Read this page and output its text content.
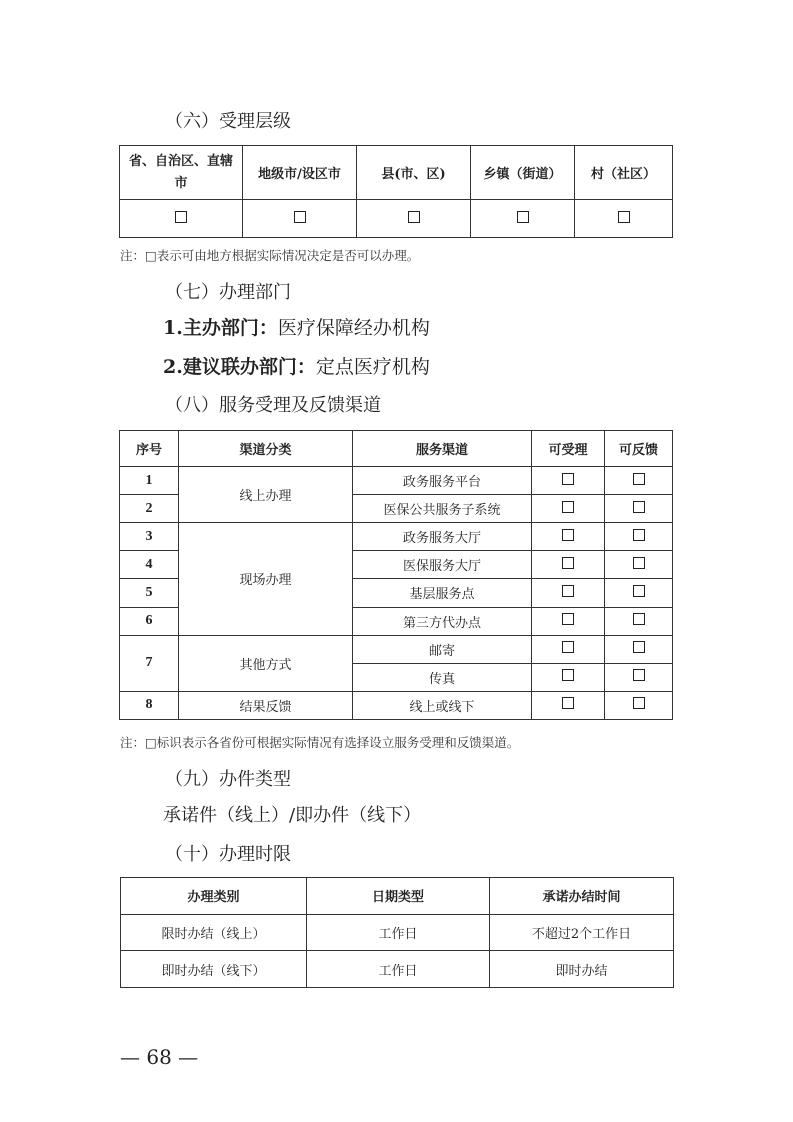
（六）受理层级
省、自治区、直辖市	地级市/设区市	县(市、区)	乡镇（街道）	村（社区）

注：□表示可由地方根据实际情况决定是否可以办理。
（七）办理部门
1.主办部门：医疗保障经办机构
2.建议联办部门：定点医疗机构
（八）服务受理及反馈渠道
序号	渠道分类	服务渠道	可受理	可反馈
1	线上办理	政务服务平台		
2		医保公共服务子系统		
3	现场办理	政务服务大厅		
4		医保服务大厅		
5		基层服务点		
6		第三方代办点		
7	其他方式	邮寄		
		传真		
8	结果反馈	线上或线下		
注：□标识表示各省份可根据实际情况有选择设立服务受理和反馈渠道。
（九）办件类型
承诺件（线上）/即办件（线下）
（十）办理时限
办理类别	日期类型	承诺办结时间
限时办结（线上）	工作日	不超过2个工作日
即时办结（线下）	工作日	即时办结
— 68 —
